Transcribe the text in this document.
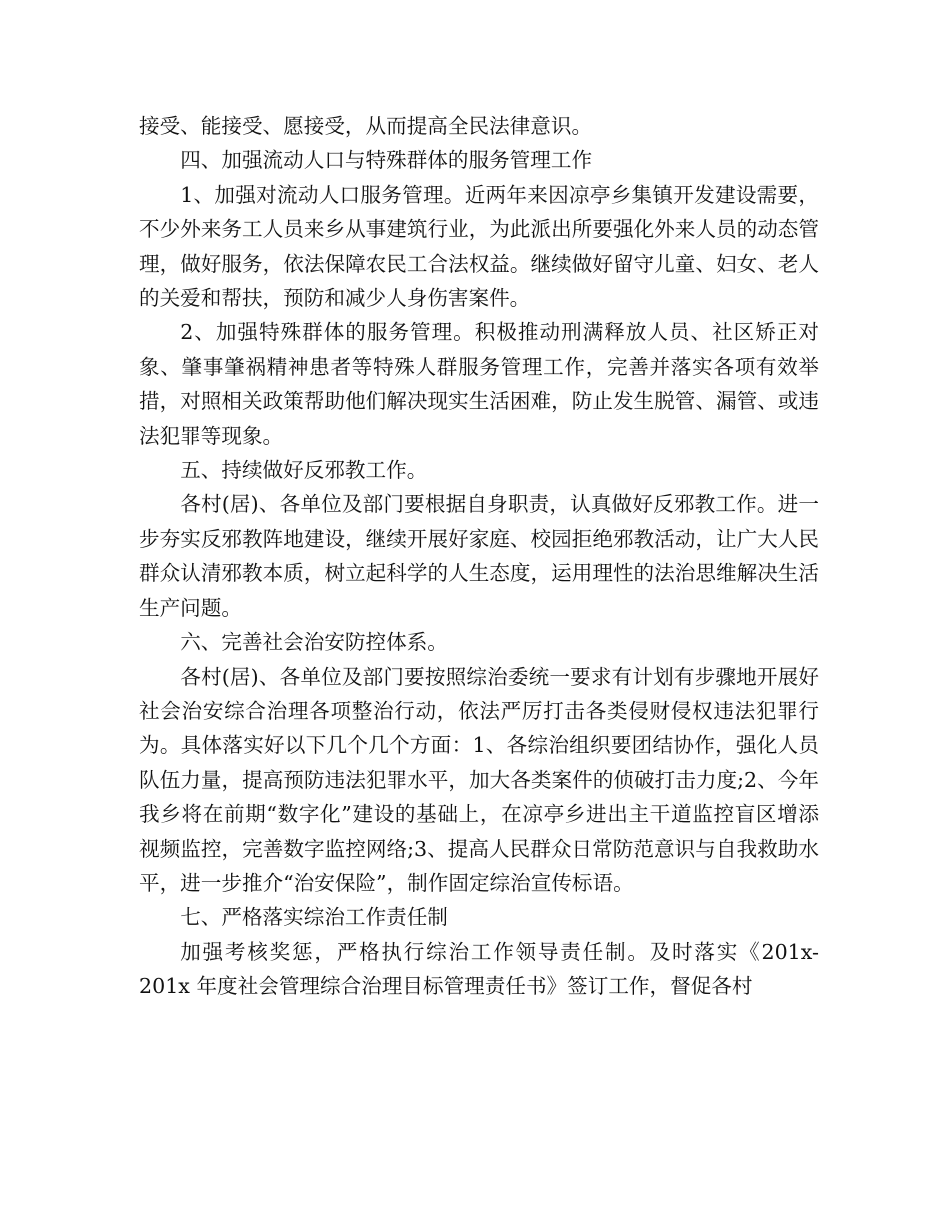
接受、能接受、愿接受，从而提高全民法律意识。

四、加强流动人口与特殊群体的服务管理工作

1、加强对流动人口服务管理。近两年来因凉亭乡集镇开发建设需要，不少外来务工人员来乡从事建筑行业，为此派出所要强化外来人员的动态管理，做好服务，依法保障农民工合法权益。继续做好留守儿童、妇女、老人的关爱和帮扶，预防和减少人身伤害案件。

2、加强特殊群体的服务管理。积极推动刑满释放人员、社区矫正对象、肇事肇祸精神患者等特殊人群服务管理工作，完善并落实各项有效举措，对照相关政策帮助他们解决现实生活困难，防止发生脱管、漏管、或违法犯罪等现象。

五、持续做好反邪教工作。

各村(居)、各单位及部门要根据自身职责，认真做好反邪教工作。进一步夯实反邪教阵地建设，继续开展好家庭、校园拒绝邪教活动，让广大人民群众认清邪教本质，树立起科学的人生态度，运用理性的法治思维解决生活生产问题。

六、完善社会治安防控体系。

各村(居)、各单位及部门要按照综治委统一要求有计划有步骤地开展好社会治安综合治理各项整治行动，依法严厉打击各类侵财侵权违法犯罪行为。具体落实好以下几个几个方面：1、各综治组织要团结协作，强化人员队伍力量，提高预防违法犯罪水平，加大各类案件的侦破打击力度;2、今年我乡将在前期“数字化”建设的基础上，在凉亭乡进出主干道监控盲区增添视频监控，完善数字监控网络;3、提高人民群众日常防范意识与自我救助水平，进一步推介“治安保险”，制作固定综治宣传标语。

七、严格落实综治工作责任制

加强考核奖惩，严格执行综治工作领导责任制。及时落实《201x-201x 年度社会管理综合治理目标管理责任书》签订工作，督促各村
